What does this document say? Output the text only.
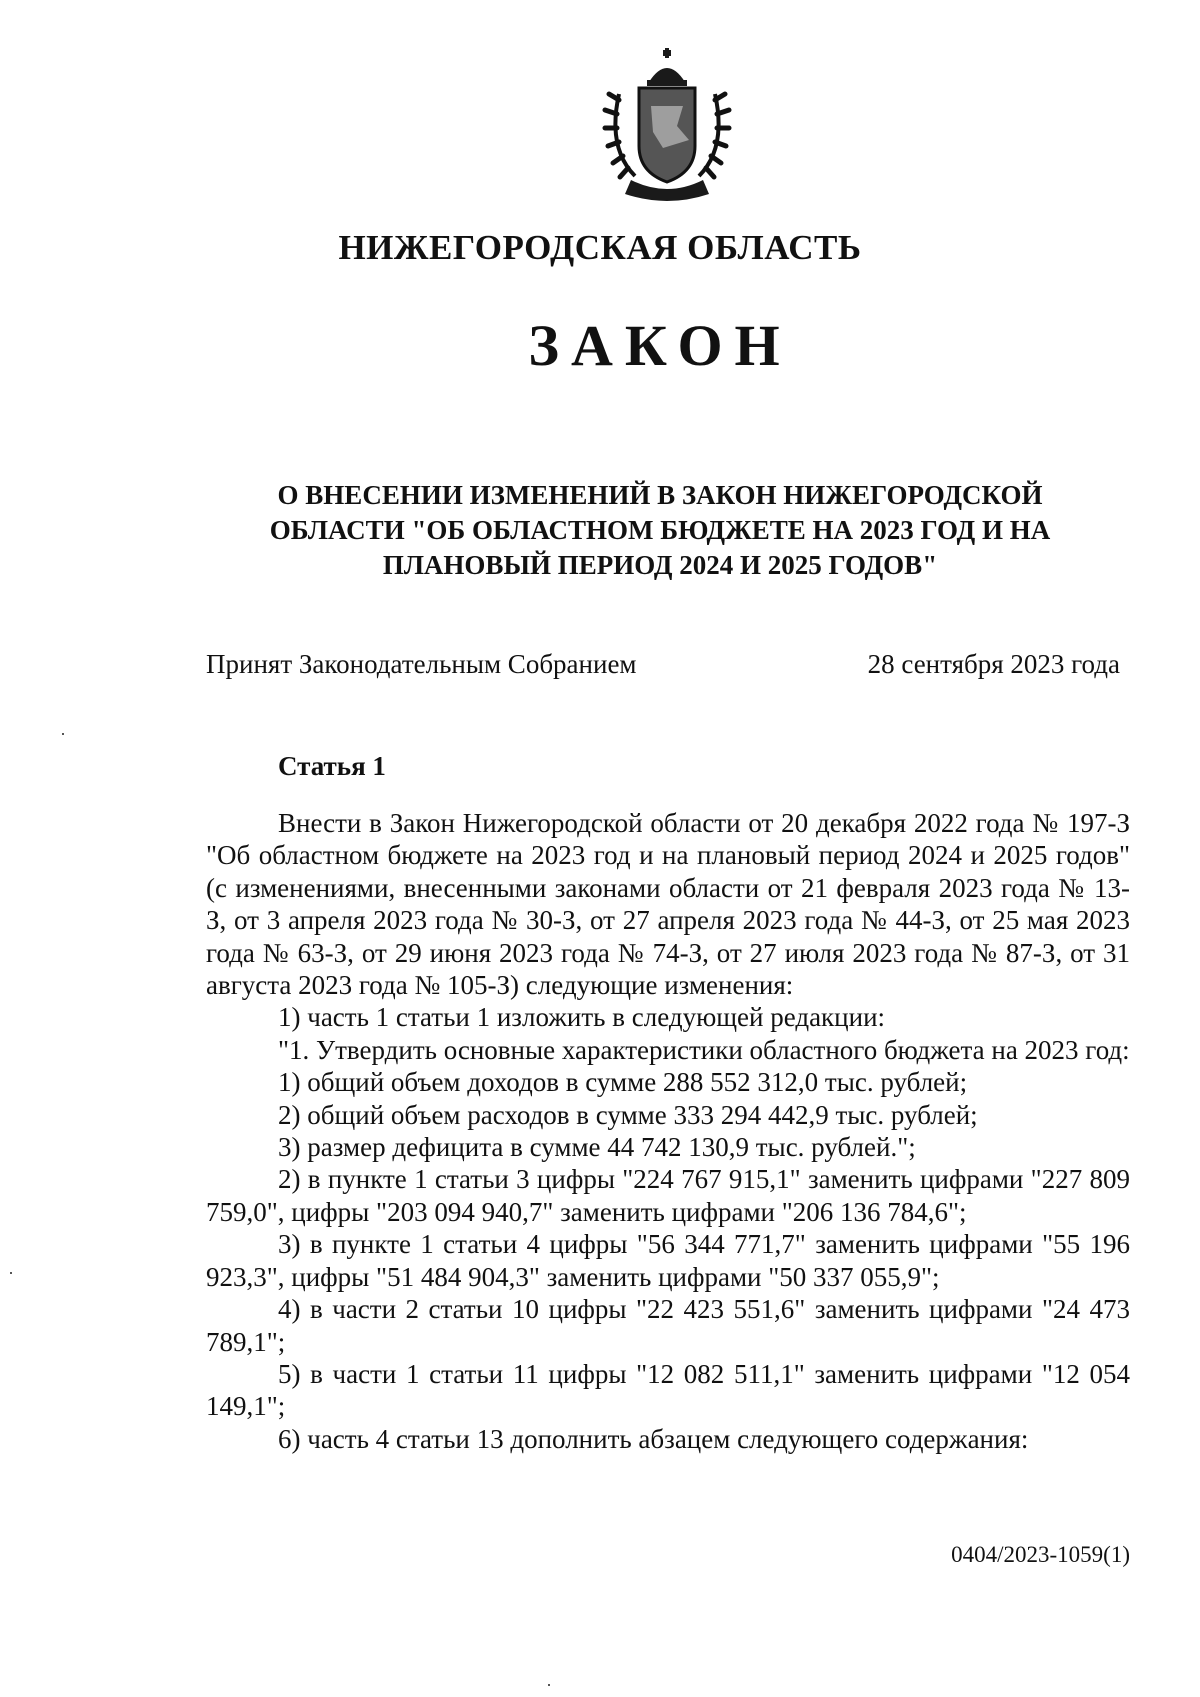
НИЖЕГОРОДСКАЯ ОБЛАСТЬ
ЗАКОН
О ВНЕСЕНИИ ИЗМЕНЕНИЙ В ЗАКОН НИЖЕГОРОДСКОЙ ОБЛАСТИ "ОБ ОБЛАСТНОМ БЮДЖЕТЕ НА 2023 ГОД И НА ПЛАНОВЫЙ ПЕРИОД 2024 И 2025 ГОДОВ"
Принят Законодательным Собранием	28 сентября 2023 года
Статья 1

Внести в Закон Нижегородской области от 20 декабря 2022 года № 197-З "Об областном бюджете на 2023 год и на плановый период 2024 и 2025 годов" (с изменениями, внесенными законами области от 21 февраля 2023 года № 13-З, от 3 апреля 2023 года № 30-З, от 27 апреля 2023 года № 44-З, от 25 мая 2023 года № 63-З, от 29 июня 2023 года № 74-З, от 27 июля 2023 года № 87-З, от 31 августа 2023 года № 105-З) следующие изменения:

1) часть 1 статьи 1 изложить в следующей редакции:

"1. Утвердить основные характеристики областного бюджета на 2023 год:

1) общий объем доходов в сумме 288 552 312,0 тыс. рублей;

2) общий объем расходов в сумме 333 294 442,9 тыс. рублей;

3) размер дефицита в сумме 44 742 130,9 тыс. рублей.";

2) в пункте 1 статьи 3 цифры "224 767 915,1" заменить цифрами "227 809 759,0", цифры "203 094 940,7" заменить цифрами "206 136 784,6";

3) в пункте 1 статьи 4 цифры "56 344 771,7" заменить цифрами "55 196 923,3", цифры "51 484 904,3" заменить цифрами "50 337 055,9";

4) в части 2 статьи 10 цифры "22 423 551,6" заменить цифрами "24 473 789,1";

5) в части 1 статьи 11 цифры "12 082 511,1" заменить цифрами "12 054 149,1";

6) часть 4 статьи 13 дополнить абзацем следующего содержания:

0404/2023-1059(1)
